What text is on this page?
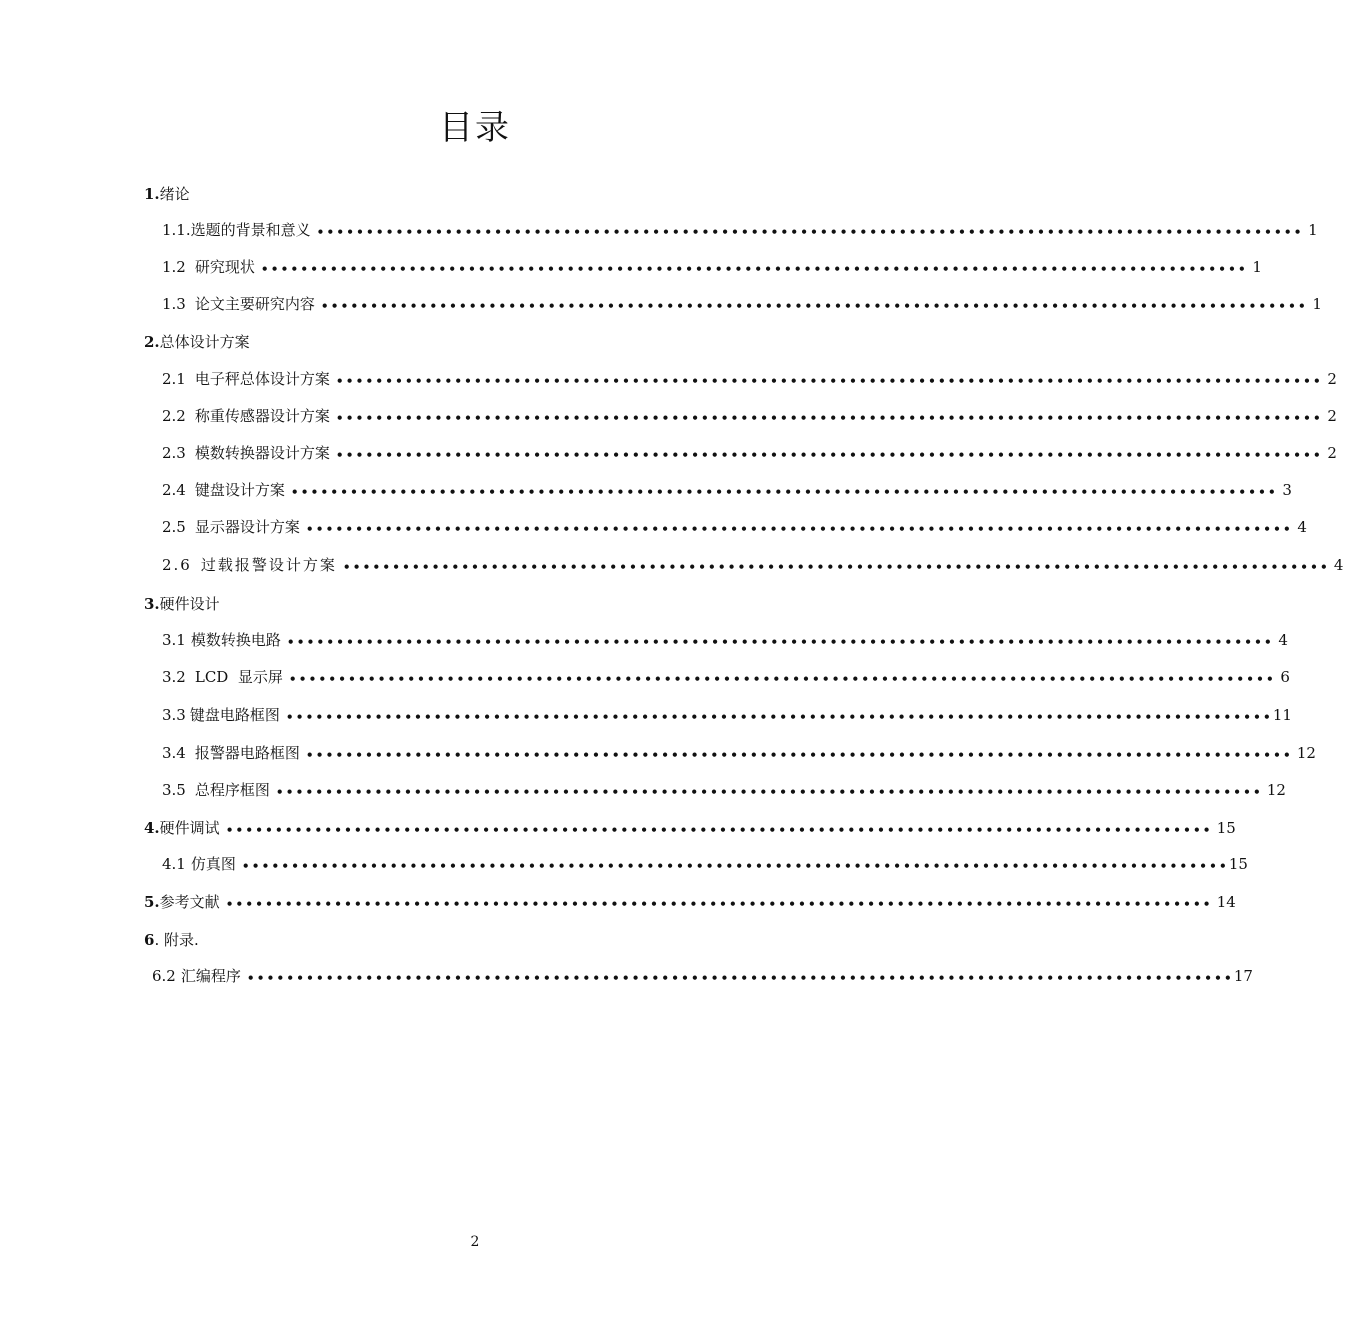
目录
1. 绪论
1.1. 选题的背景和意义 •••••••••••••••••••••••••••••••••••••••••••••••••••••••••••••••••••••••••••••••••••••••••••••••••••• 1
1.2 研究现状 •••••••••••••••••••••••••••••••••••••••••••••••••••••••••••••••••••••••••••••••••••••••••••••••••••• 1
1.3 论文主要研究内容 •••••••••••••••••••••••••••••••••••••••••••••••••••••••••••••••••••••••••••••••••••••••••••••••••••• 1
2. 总体设计方案
2.1 电子秤总体设计方案 •••••••••••••••••••••••••••••••••••••••••••••••••••••••••••••••••••••••••••••••••••••••••••••••••••• 2
2.2 称重传感器设计方案 •••••••••••••••••••••••••••••••••••••••••••••••••••••••••••••••••••••••••••••••••••••••••••••••••••• 2
2.3 模数转换器设计方案 •••••••••••••••••••••••••••••••••••••••••••••••••••••••••••••••••••••••••••••••••••••••••••••••••••• 2
2.4 键盘设计方案 •••••••••••••••••••••••••••••••••••••••••••••••••••••••••••••••••••••••••••••••••••••••••••••••••••• 3
2.5 显示器设计方案 •••••••••••••••••••••••••••••••••••••••••••••••••••••••••••••••••••••••••••••••••••••••••••••••••••• 4
2.6 过载报警设计方案 •••••••••••••••••••••••••••••••••••••••••••••••••••••••••••••••••••••••••••••••••••••••••••••••••••• 4
3. 硬件设计
3.1 模数转换电路 •••••••••••••••••••••••••••••••••••••••••••••••••••••••••••••••••••••••••••••••••••••••••••••••••••• 4
3.2 LCD  显示屏 •••••••••••••••••••••••••••••••••••••••••••••••••••••••••••••••••••••••••••••••••••••••••••••••••••• 6
3.3 键盘电路框图 •••••••••••••••••••••••••••••••••••••••••••••••••••••••••••••••••••••••••••••••••••••••••••••••••••• 11
3.4 报警器电路框图 •••••••••••••••••••••••••••••••••••••••••••••••••••••••••••••••••••••••••••••••••••••••••••••••••••• 12
3.5 总程序框图 •••••••••••••••••••••••••••••••••••••••••••••••••••••••••••••••••••••••••••••••••••••••••••••••••••• 12
4. 硬件调试 •••••••••••••••••••••••••••••••••••••••••••••••••••••••••••••••••••••••••••••••••••••••••••••••••••• 15
4.1 仿真图 •••••••••••••••••••••••••••••••••••••••••••••••••••••••••••••••••••••••••••••••••••••••••••••••••••• 15
5. 参考文献 •••••••••••••••••••••••••••••••••••••••••••••••••••••••••••••••••••••••••••••••••••••••••••••••••••• 14
6 . 附录.
6.2 汇编程序 •••••••••••••••••••••••••••••••••••••••••••••••••••••••••••••••••••••••••••••••••••••••••••••••••••• 17
2
